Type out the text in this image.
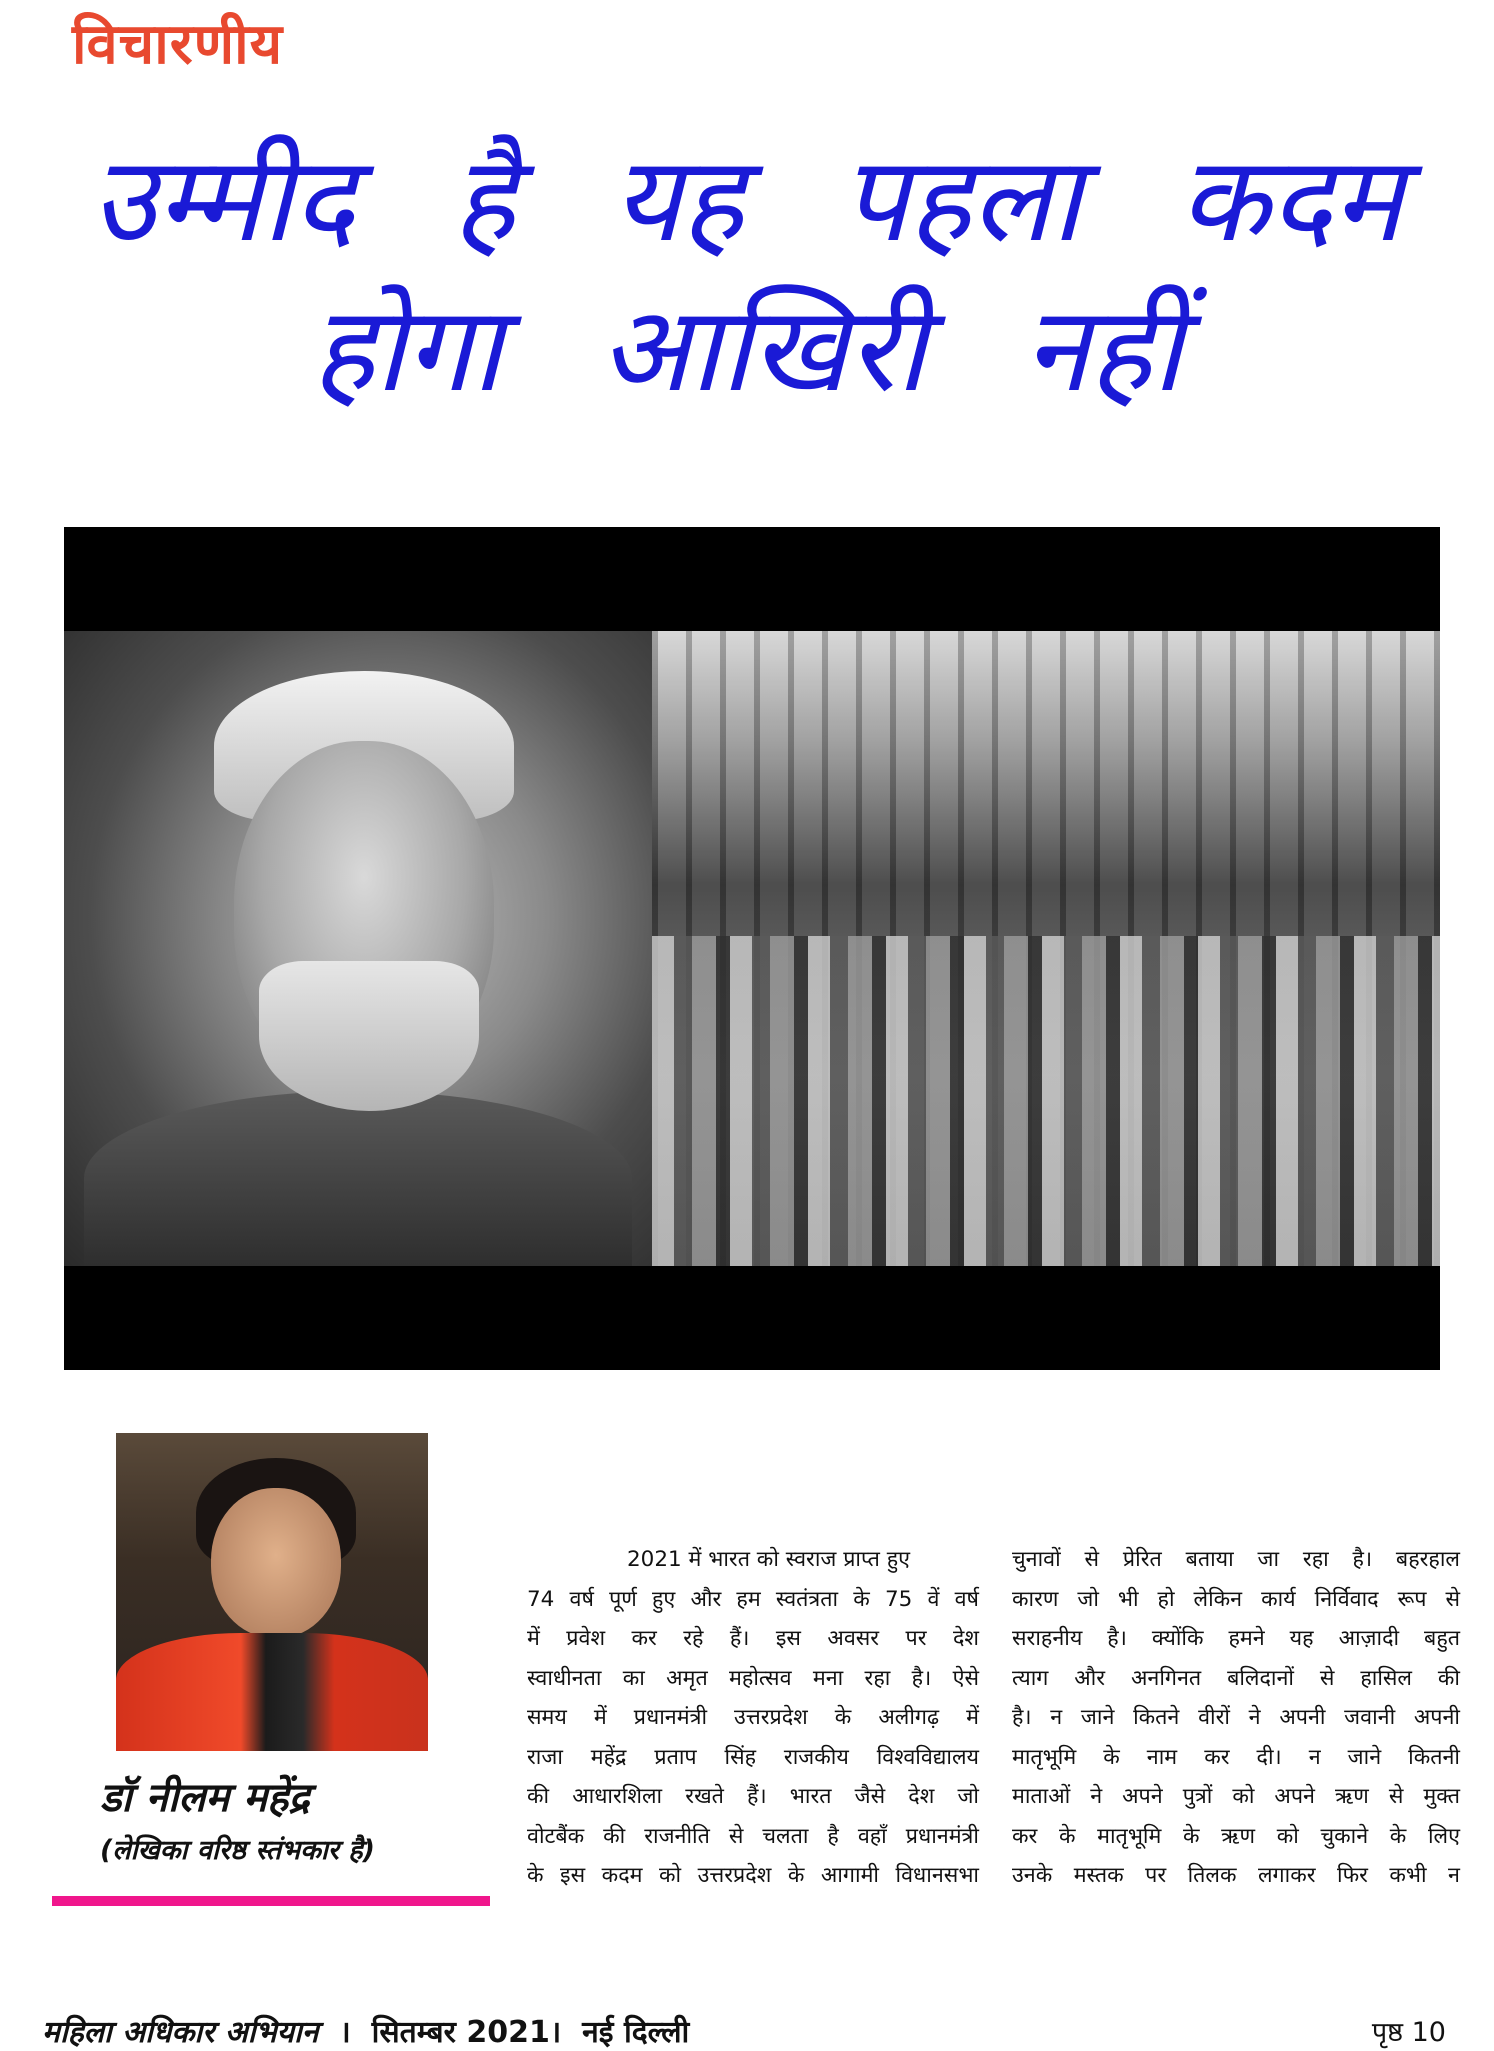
विचारणीय
उम्मीद है यह पहला कदम
होगा आखिरी नहीं
डॉ नीलम महेंद्र
(लेखिका वरिष्ठ स्तंभकार है)
2021 में भारत को स्वराज प्राप्त हुए
74 वर्ष पूर्ण हुए और हम स्वतंत्रता के 75 वें वर्ष
में प्रवेश कर रहे हैं। इस अवसर पर देश
स्वाधीनता का अमृत महोत्सव मना रहा है। ऐसे
समय में प्रधानमंत्री उत्तरप्रदेश के अलीगढ़ में
राजा महेंद्र प्रताप सिंह राजकीय विश्वविद्यालय
की आधारशिला रखते हैं। भारत जैसे देश जो
वोटबैंक की राजनीति से चलता है वहाँ प्रधानमंत्री
के इस कदम को उत्तरप्रदेश के आगामी विधानसभा
चुनावों से प्रेरित बताया जा रहा है। बहरहाल
कारण जो भी हो लेकिन कार्य निर्विवाद रूप से
सराहनीय है। क्योंकि हमने यह आज़ादी बहुत
त्याग और अनगिनत बलिदानों से हासिल की
है। न जाने कितने वीरों ने अपनी जवानी अपनी
मातृभूमि के नाम कर दी। न जाने कितनी
माताओं ने अपने पुत्रों को अपने ऋण से मुक्त
कर के मातृभूमि के ऋण को चुकाने के लिए
उनके मस्तक पर तिलक लगाकर फिर कभी न
महिला अधिकार अभियान । सितम्बर 2021। नई दिल्ली	पृष्ठ 10
